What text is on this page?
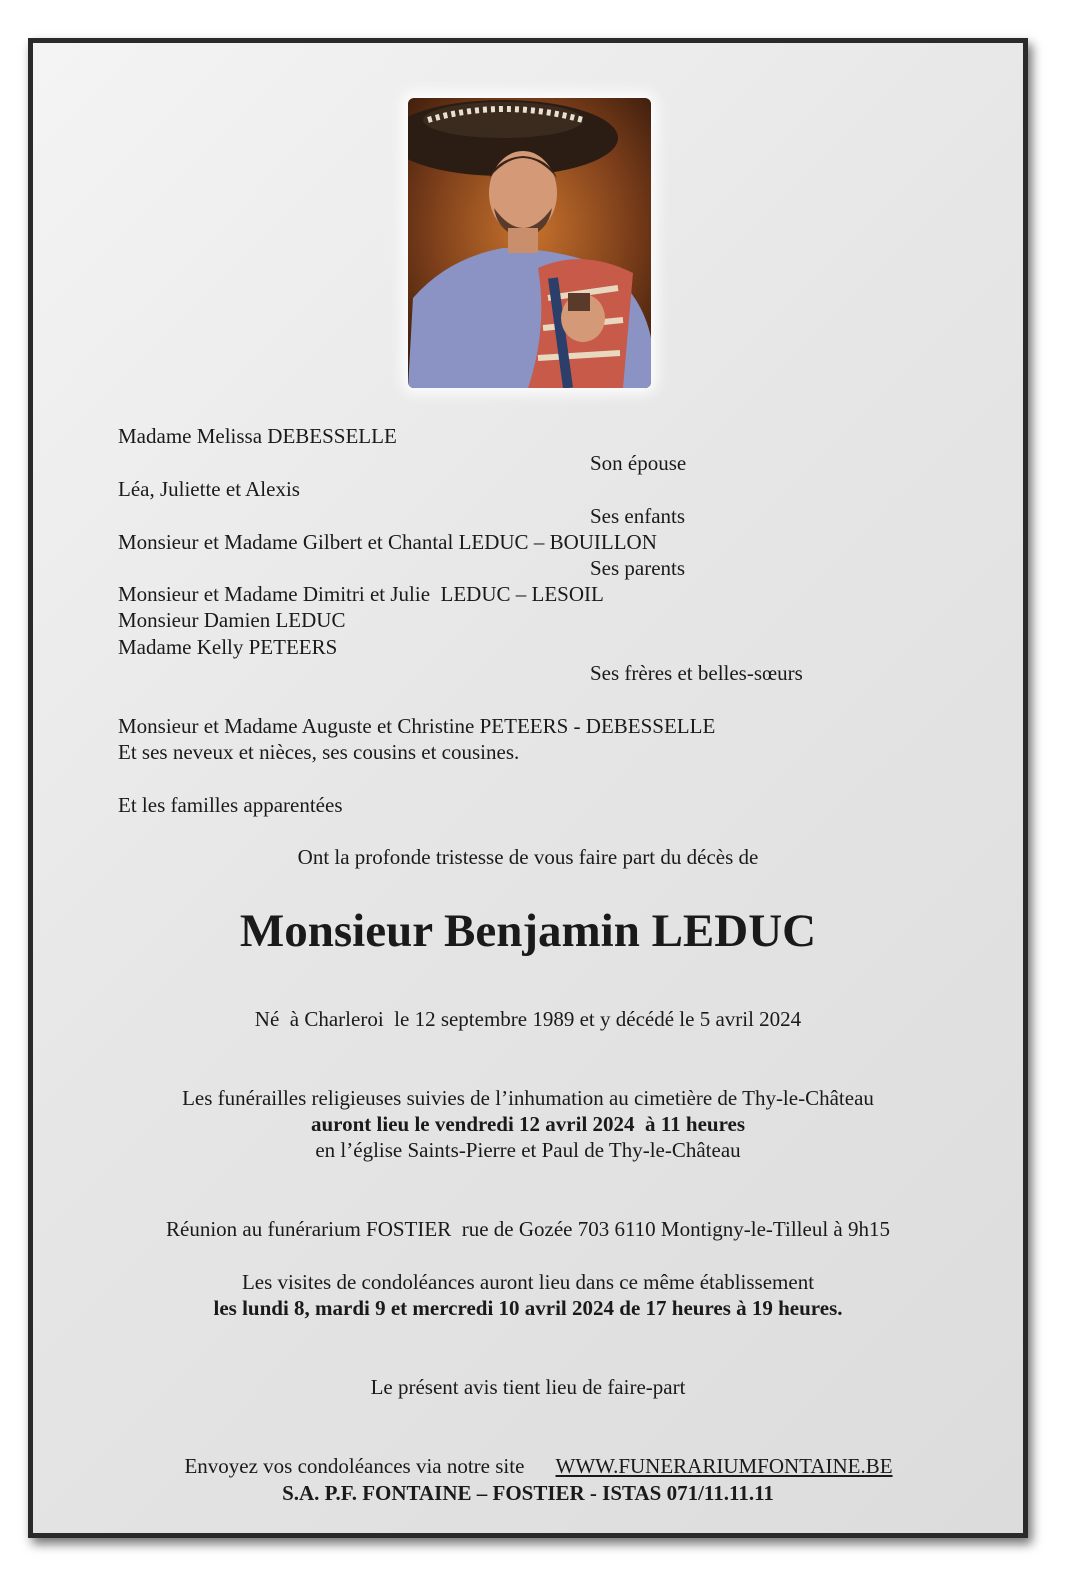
Madame Melissa DEBESSELLE
Son épouse
Léa, Juliette et Alexis
Ses enfants
Monsieur et Madame Gilbert et Chantal LEDUC – BOUILLON
Ses parents
Monsieur et Madame Dimitri et Julie  LEDUC – LESOIL
Monsieur Damien LEDUC
Madame Kelly PETEERS
Ses frères et belles-sœurs
Monsieur et Madame Auguste et Christine PETEERS - DEBESSELLE
Et ses neveux et nièces, ses cousins et cousines.
Et les familles apparentées
Ont la profonde tristesse de vous faire part du décès de
Monsieur Benjamin LEDUC
Né  à Charleroi  le 12 septembre 1989 et y décédé le 5 avril 2024
Les funérailles religieuses suivies de l’inhumation au cimetière de Thy-le-Château
auront lieu le vendredi 12 avril 2024  à 11 heures
en l’église Saints-Pierre et Paul de Thy-le-Château
Réunion au funérarium FOSTIER  rue de Gozée 703 6110 Montigny-le-Tilleul à 9h15
Les visites de condoléances auront lieu dans ce même établissement
les lundi 8, mardi 9 et mercredi 10 avril 2024 de 17 heures à 19 heures.
Le présent avis tient lieu de faire-part

Envoyez vos condoléances via notre site WWW.FUNERARIUMFONTAINE.BE

S.A. P.F. FONTAINE – FOSTIER - ISTAS 071/11.11.11
